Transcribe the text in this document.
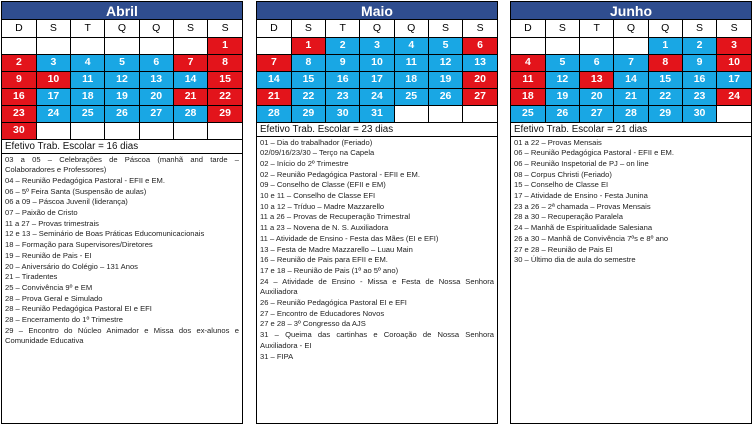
Abril
D	S	T	Q	Q	S	S
						1
2	3	4	5	6	7	8
9	10	11	12	13	14	15
16	17	18	19	20	21	22
23	24	25	26	27	28	29
30						
Efetivo Trab. Escolar = 16 dias
03 a 05 – Celebrações de Páscoa (manhã and tarde – Colaboradores e Professores)
04 – Reunião Pedagógica Pastoral - EFII e EM.
06 – 5º Feira Santa (Suspensão de aulas)
06 a 09 – Páscoa Juvenil (liderança)
07 – Paixão de Cristo
11 a 27 – Provas trimestrais
12 e 13 – Seminário de Boas Práticas Educomunicacionais
18 – Formação para Supervisores/Diretores
19 – Reunião de Pais - EI
20 – Aniversário do Colégio – 131 Anos
21 – Tiradentes
25 – Convivência 9º e EM
28 – Prova Geral e Simulado
28 – Reunião Pedagógica Pastoral EI e EFI
28 – Encerramento do 1º Trimestre
29 – Encontro do Núcleo Animador e Missa dos ex-alunos e Comunidade Educativa
Maio
D	S	T	Q	Q	S	S
	1	2	3	4	5	6
7	8	9	10	11	12	13
14	15	16	17	18	19	20
21	22	23	24	25	26	27
28	29	30	31			
Efetivo Trab. Escolar = 23 dias
01 – Dia do trabalhador (Feriado)
02/09/16/23/30 – Terço na Capela
02 – Início do 2º Trimestre
02 – Reunião Pedagógica Pastoral - EFII e EM.
09 – Conselho de Classe (EFII e EM)
10 e 11 – Conselho de Classe EFI
10 a 12 – Tríduo – Madre Mazzarello
11 a 26 – Provas de Recuperação Trimestral
11 a 23 – Novena de N. S. Auxiliadora
11 – Atividade de Ensino - Festa das Mães (EI e EFI)
13 – Festa de Madre Mazzarello – Luau Main
16 – Reunião de Pais para EFII e EM.
17 e 18 – Reunião de Pais (1º ao 5º ano)
24 – Atividade de Ensino - Missa e Festa de Nossa Senhora Auxiliadora
26 – Reunião Pedagógica Pastoral EI e EFI
27 – Encontro de Educadores Novos
27 e 28 – 3º Congresso da AJS
31 – Queima das cartinhas e Coroação de Nossa Senhora Auxiliadora - EI
31 – FIPA
Junho
D	S	T	Q	Q	S	S
				1	2	3
4	5	6	7	8	9	10
11	12	13	14	15	16	17
18	19	20	21	22	23	24
25	26	27	28	29	30	
Efetivo Trab. Escolar = 21 dias
01 a 22 – Provas Mensais
06 – Reunião Pedagógica Pastoral - EFII e EM.
06 – Reunião Inspetorial de PJ – on line
08 – Corpus Christi (Feriado)
15 – Conselho de Classe EI
17 – Atividade de Ensino - Festa Junina
23 a 26 – 2ª chamada – Provas Mensais
28 a 30 – Recuperação Paralela
24 – Manhã de Espiritualidade Salesiana
26 a 30 – Manhã de Convivência 7ºs e 8º ano
27 e 28 – Reunião de Pais EI
30 – Último dia de aula do semestre
